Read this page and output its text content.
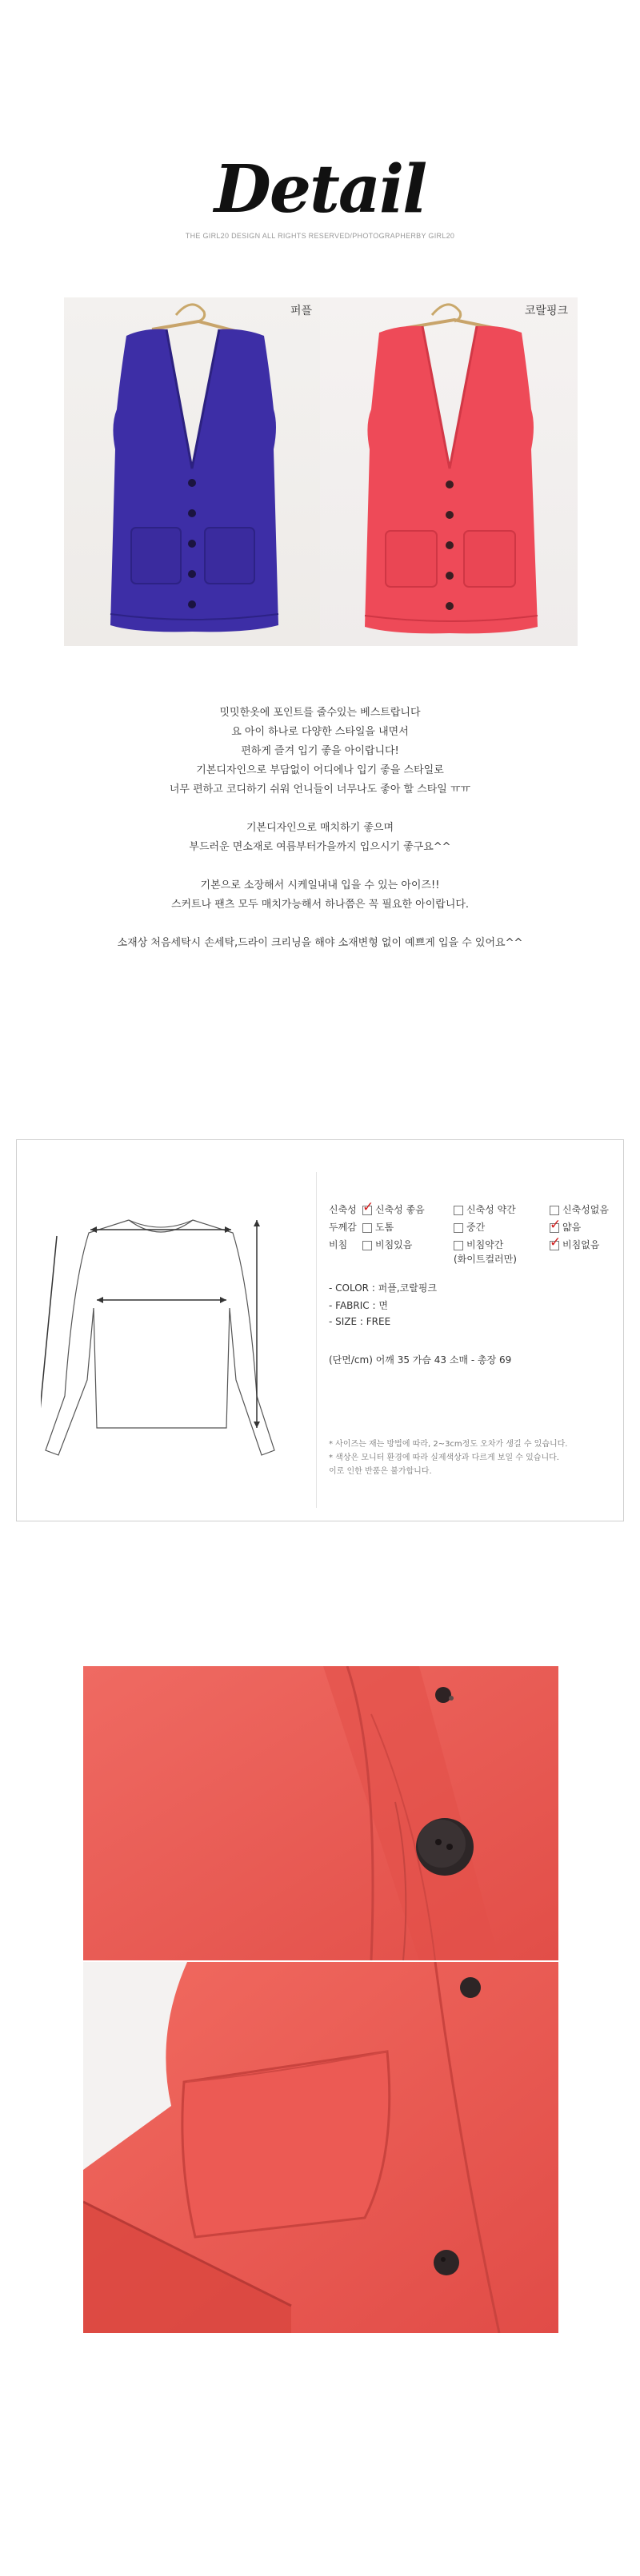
Detail
THE GIRL20 DESIGN ALL RIGHTS RESERVED/PHOTOGRAPHERBY GIRL20
퍼플	코랄핑크

밋밋한옷에 포인트를 줄수있는 베스트랍니다

요 아이 하나로 다양한 스타일을 내면서

편하게 즐겨 입기 좋을 아이랍니다!

기본디자인으로 부담없이 어디에나 입기 좋을 스타일로

너무 편하고 코디하기 쉬워 언니들이 너무나도 좋아 할 스타일 ㅠㅠ

기본디자인으로 매치하기 좋으며

부드러운 면소재로 여름부터가을까지 입으시기 좋구요^^

기본으로 소장해서 시케일내내 입을 수 있는 아이즈!!

스커트나 팬츠 모두 매치가능해서 하나쯤은 꼭 필요한 아이랍니다.

소재상 처음세탁시 손세탁,드라이 크리닝을 해야 소재변형 없이 예쁘게 입을 수 있어요^^

신축성 ✓	신축성 좋음	신축성 약간	신축성없음
두께감	도톰	중간 ✓	얇음
비침	비침있음	비침약간 ✓	비침없음
(화이트컬러만)
- COLOR : 퍼플,코랄핑크
- FABRIC : 면
- SIZE : FREE
(단면/cm) 어깨 35 가슴 43 소매 - 총장 69
* 사이즈는 재는 방법에 따라, 2~3cm정도 오차가 생길 수 있습니다.
* 색상은 모니터 환경에 따라 실제색상과 다르게 보일 수 있습니다.
이로 인한 반품은 불가합니다.
